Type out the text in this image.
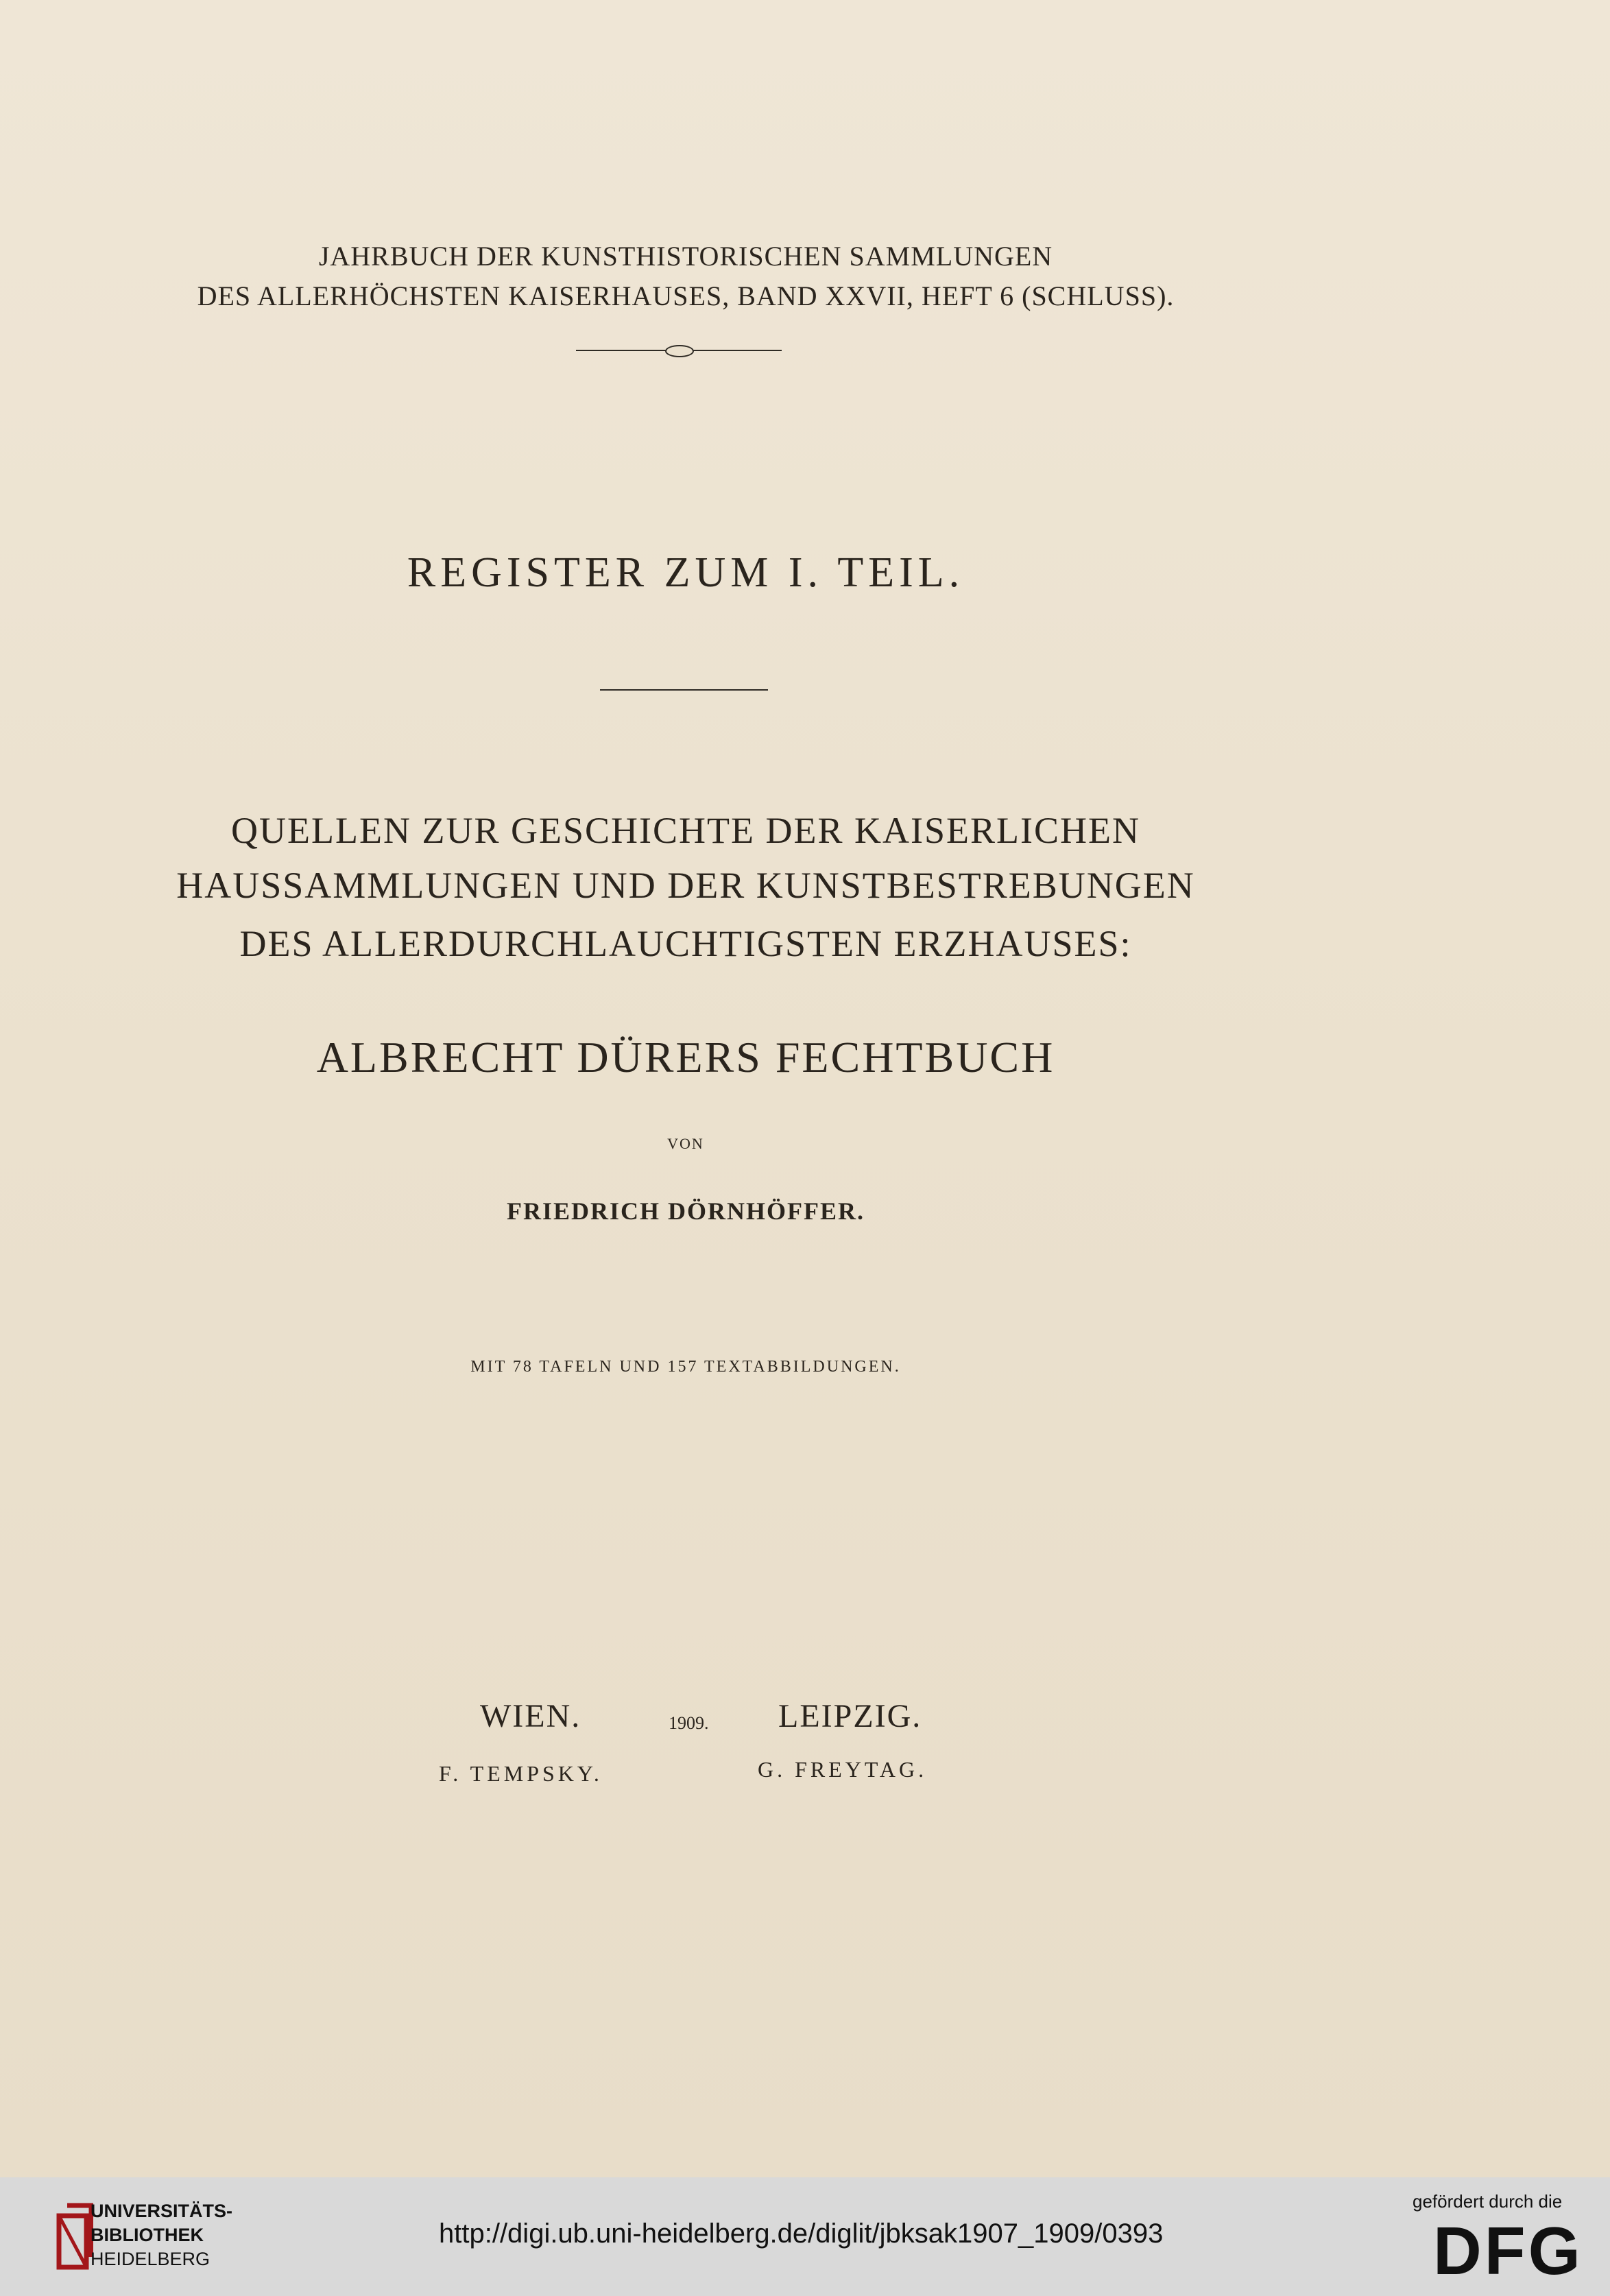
JAHRBUCH DER KUNSTHISTORISCHEN SAMMLUNGEN
DES ALLERHÖCHSTEN KAISERHAUSES, BAND XXVII, HEFT 6 (SCHLUSS).
REGISTER ZUM I. TEIL.
QUELLEN ZUR GESCHICHTE DER KAISERLICHEN
HAUSSAMMLUNGEN UND DER KUNSTBESTREBUNGEN
DES ALLERDURCHLAUCHTIGSTEN ERZHAUSES:
ALBRECHT DÜRERS FECHTBUCH
VON
FRIEDRICH DÖRNHÖFFER.
MIT 78 TAFELN UND 157 TEXTABBILDUNGEN.
WIEN.	1909. LEIPZIG.
F. TEMPSKY.	G. FREYTAG.
UNIVERSITÄTS-
BIBLIOTHEK
HEIDELBERG
http://digi.ub.uni-heidelberg.de/diglit/jbksak1907_1909/0393
gefördert durch die
DFG
